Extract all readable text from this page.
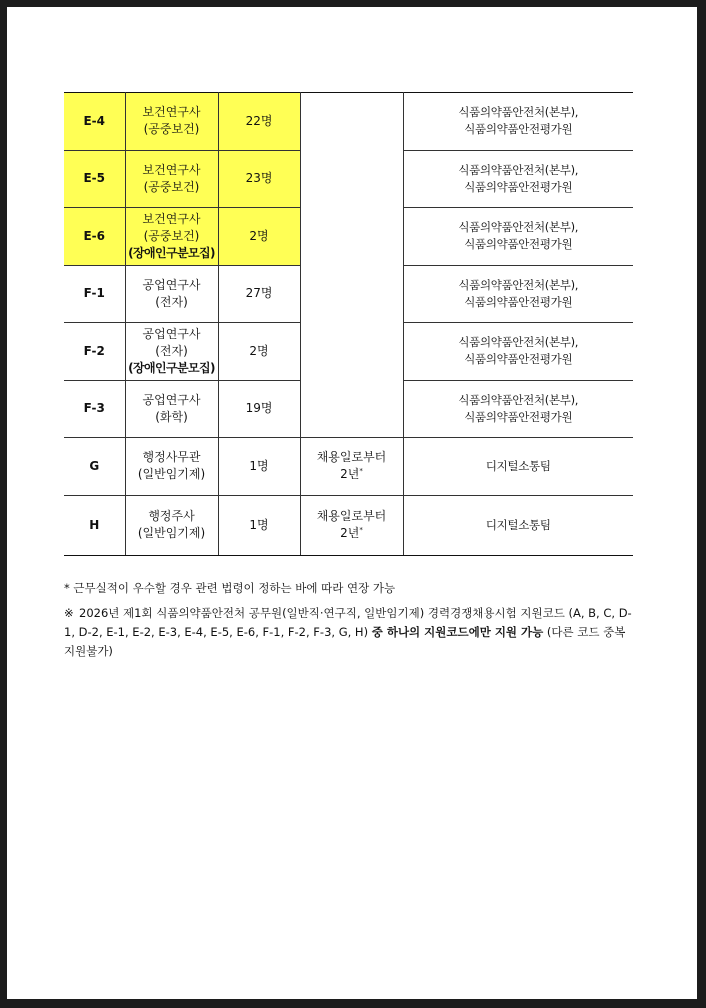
E-4	보건연구사
(공중보건)	22명		식품의약품안전처(본부),
식품의약품안전평가원

E-5	보건연구사
(공중보건)	23명		식품의약품안전처(본부),
식품의약품안전평가원

E-6	보건연구사
(공중보건)
(장애인구분모집)	2명		식품의약품안전처(본부),
식품의약품안전평가원

F-1	공업연구사
(전자)	27명		식품의약품안전처(본부),
식품의약품안전평가원

F-2	공업연구사
(전자)
(장애인구분모집)	2명		식품의약품안전처(본부),
식품의약품안전평가원

F-3	공업연구사
(화학)	19명		식품의약품안전처(본부),
식품의약품안전평가원

G	행정사무관
(일반임기제)	1명	채용일로부터
2년*	디지털소통팀

H	행정주사
(일반임기제)	1명	채용일로부터
2년*	디지털소통팀
* 근무실적이 우수할 경우 관련 법령이 정하는 바에 따라 연장 가능
※ 2026년 제1회 식품의약품안전처 공무원(일반직·연구직, 일반임기제) 경력경쟁채용시험 지원코드 (A, B, C, D-1, D-2, E-1, E-2, E-3, E-4, E-5, E-6, F-1, F-2, F-3, G, H) 중 하나의 지원코드에만 지원 가능 (다른 코드 중복 지원불가)
